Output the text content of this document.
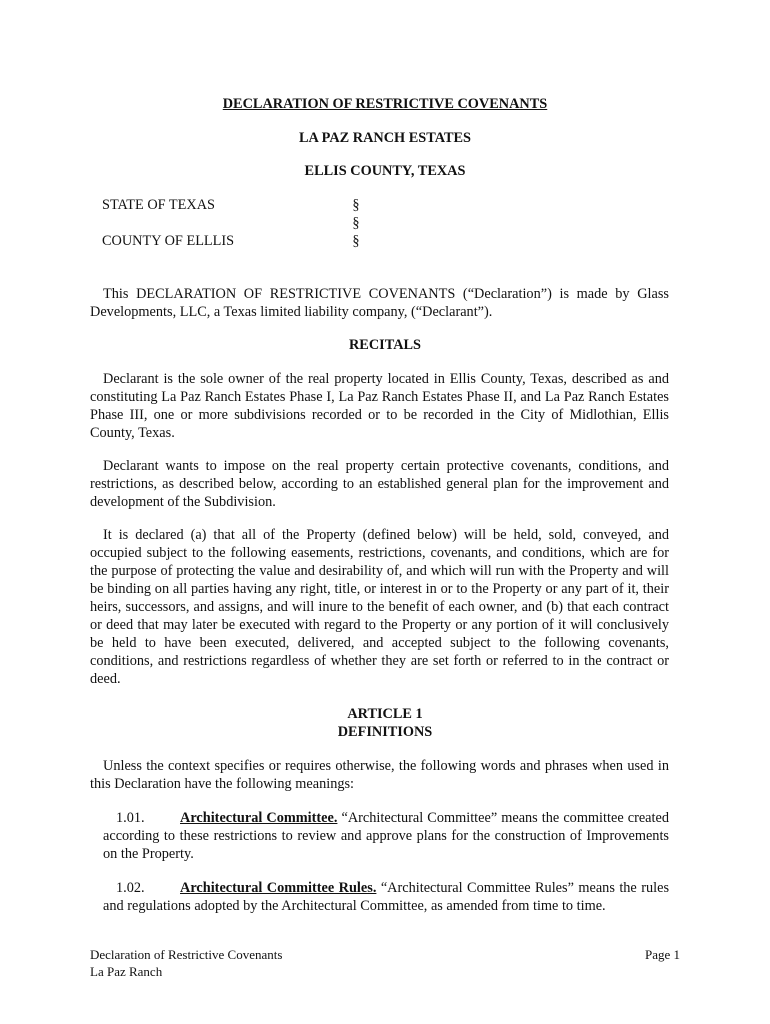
DECLARATION OF RESTRICTIVE COVENANTS
LA PAZ RANCH ESTATES
ELLIS COUNTY, TEXAS
STATE OF TEXAS
COUNTY OF ELLLIS
§
§
§
This DECLARATION OF RESTRICTIVE COVENANTS (“Declaration”) is made by Glass Developments, LLC, a Texas limited liability company, (“Declarant”).
RECITALS
Declarant is the sole owner of the real property located in Ellis County, Texas, described as and constituting La Paz Ranch Estates Phase I, La Paz Ranch Estates Phase II, and La Paz Ranch Estates Phase III, one or more subdivisions recorded or to be recorded in the City of Midlothian, Ellis County, Texas.
Declarant wants to impose on the real property certain protective covenants, conditions, and restrictions, as described below, according to an established general plan for the improvement and development of the Subdivision.
It is declared (a) that all of the Property (defined below) will be held, sold, conveyed, and occupied subject to the following easements, restrictions, covenants, and conditions, which are for the purpose of protecting the value and desirability of, and which will run with the Property and will be binding on all parties having any right, title, or interest in or to the Property or any part of it, their heirs, successors, and assigns, and will inure to the benefit of each owner, and (b) that each contract or deed that may later be executed with regard to the Property or any portion of it will conclusively be held to have been executed, delivered, and accepted subject to the following covenants, conditions, and restrictions regardless of whether they are set forth or referred to in the contract or deed.
ARTICLE 1
DEFINITIONS
Unless the context specifies or requires otherwise, the following words and phrases when used in this Declaration have the following meanings:
1.01. Architectural Committee. “Architectural Committee” means the committee created according to these restrictions to review and approve plans for the construction of Improvements on the Property.
1.02. Architectural Committee Rules. “Architectural Committee Rules” means the rules and regulations adopted by the Architectural Committee, as amended from time to time.
Declaration of Restrictive Covenants
La Paz Ranch
Page 1
